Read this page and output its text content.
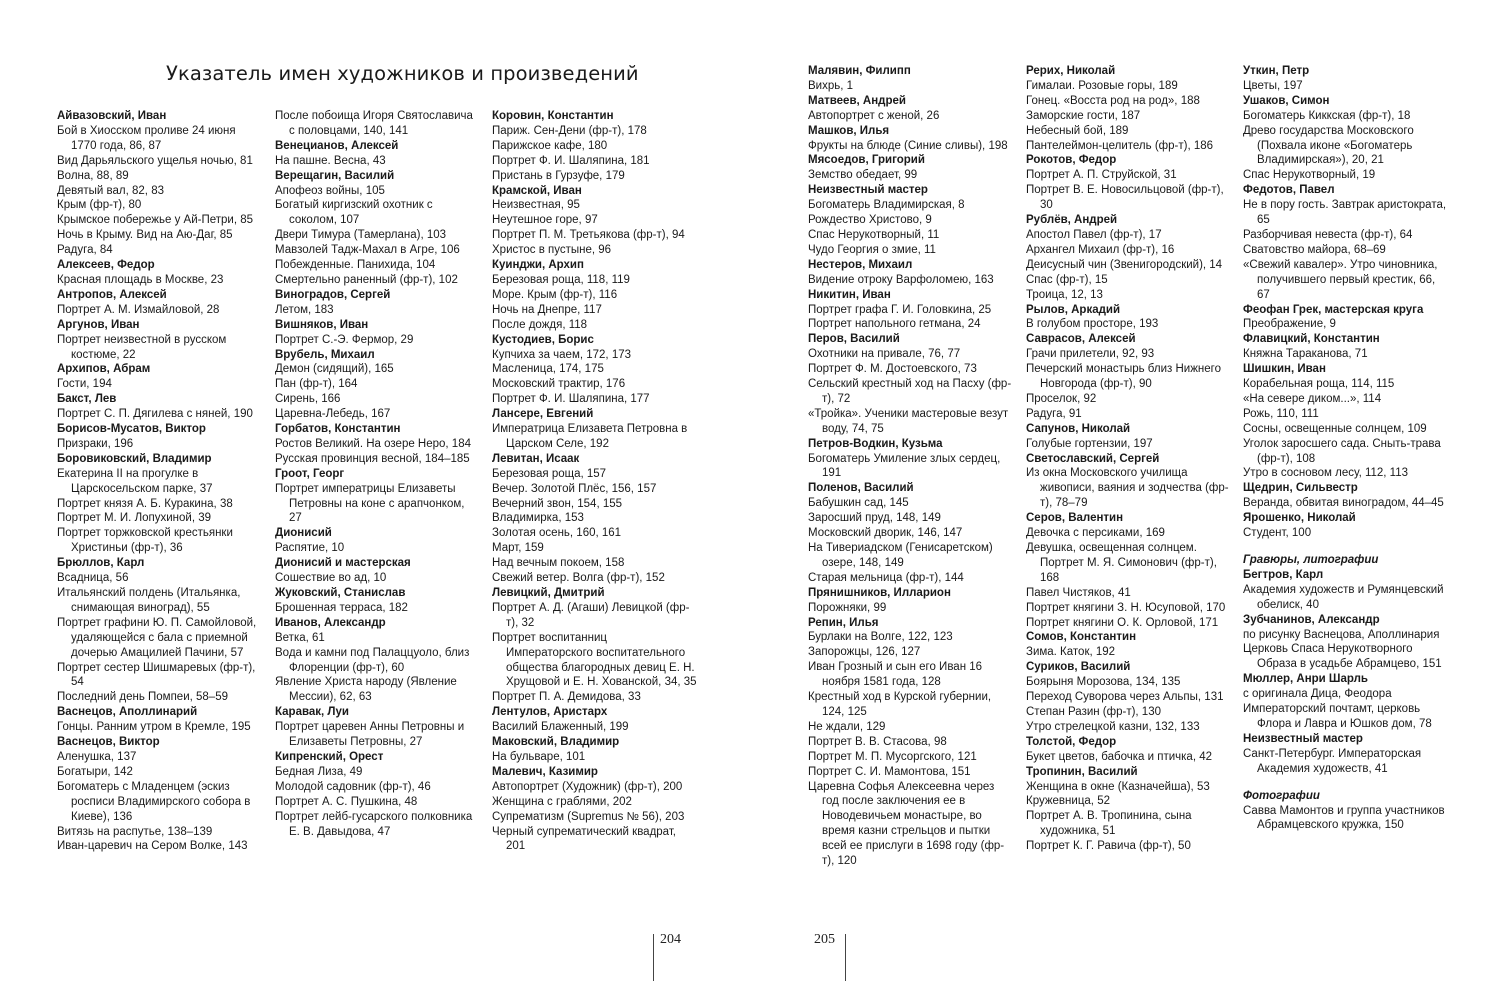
Указатель имен художников и произведений
Айвазовский, Иван
Бой в Хиосском проливе 24 июня 1770 года, 86, 87
Вид Дарьяльского ущелья ночью, 81
Волна, 88, 89
Девятый вал, 82, 83
Крым (фр-т), 80
Крымское побережье у Ай-Петри, 85
Ночь в Крыму. Вид на Аю-Даг, 85
Радуга, 84
Алексеев, Федор
Красная площадь в Москве, 23
Антропов, Алексей
Портрет А. М. Измайловой, 28
Аргунов, Иван
Портрет неизвестной в русском костюме, 22
Архипов, Абрам
Гости, 194
Бакст, Лев
Портрет С. П. Дягилева с няней, 190
Борисов-Мусатов, Виктор
Призраки, 196
Боровиковский, Владимир
Екатерина II на прогулке в Царскосельском парке, 37
Портрет князя А. Б. Куракина, 38
Портрет М. И. Лопухиной, 39
Портрет торжковской крестьянки Христиньи (фр-т), 36
Брюллов, Карл
Всадница, 56
Итальянский полдень (Итальянка, снимающая виноград), 55
Портрет графини Ю. П. Самойловой, удаляющейся с бала с приемной дочерью Амацилией Пачини, 57
Портрет сестер Шишмаревых (фр-т), 54
Последний день Помпеи, 58–59
Васнецов, Аполлинарий
Гонцы. Ранним утром в Кремле, 195
Васнецов, Виктор
Аленушка, 137
Богатыри, 142
Богоматерь с Младенцем (эскиз росписи Владимирского собора в Киеве), 136
Витязь на распутье, 138–139
Иван-царевич на Сером Волке, 143
После побоища Игоря Святославича с половцами, 140, 141
Венецианов, Алексей
На пашне. Весна, 43
Верещагин, Василий
Апофеоз войны, 105
Богатый киргизский охотник с соколом, 107
Двери Тимура (Тамерлана), 103
Мавзолей Тадж-Махал в Агре, 106
Побежденные. Панихида, 104
Смертельно раненный (фр-т), 102
Виноградов, Сергей
Летом, 183
Вишняков, Иван
Портрет С.-Э. Фермор, 29
Врубель, Михаил
Демон (сидящий), 165
Пан (фр-т), 164
Сирень, 166
Царевна-Лебедь, 167
Горбатов, Константин
Ростов Великий. На озере Неро, 184
Русская провинция весной, 184–185
Гроот, Георг
Портрет императрицы Елизаветы Петровны на коне с арапчонком, 27
Дионисий
Распятие, 10
Дионисий и мастерская
Сошествие во ад, 10
Жуковский, Станислав
Брошенная терраса, 182
Иванов, Александр
Ветка, 61
Вода и камни под Палаццуоло, близ Флоренции (фр-т), 60
Явление Христа народу (Явление Мессии), 62, 63
Каравак, Луи
Портрет царевен Анны Петровны и Елизаветы Петровны, 27
Кипренский, Орест
Бедная Лиза, 49
Молодой садовник (фр-т), 46
Портрет А. С. Пушкина, 48
Портрет лейб-гусарского полковника Е. В. Давыдова, 47
Коровин, Константин
Париж. Сен-Дени (фр-т), 178
Парижское кафе, 180
Портрет Ф. И. Шаляпина, 181
Пристань в Гурзуфе, 179
Крамской, Иван
Неизвестная, 95
Неутешное горе, 97
Портрет П. М. Третьякова (фр-т), 94
Христос в пустыне, 96
Куинджи, Архип
Березовая роща, 118, 119
Море. Крым (фр-т), 116
Ночь на Днепре, 117
После дождя, 118
Кустодиев, Борис
Купчиха за чаем, 172, 173
Масленица, 174, 175
Московский трактир, 176
Портрет Ф. И. Шаляпина, 177
Лансере, Евгений
Императрица Елизавета Петровна в Царском Селе, 192
Левитан, Исаак
Березовая роща, 157
Вечер. Золотой Плёс, 156, 157
Вечерний звон, 154, 155
Владимирка, 153
Золотая осень, 160, 161
Март, 159
Над вечным покоем, 158
Свежий ветер. Волга (фр-т), 152
Левицкий, Дмитрий
Портрет А. Д. (Агаши) Левицкой (фр-т), 32
Портрет воспитанниц Императорского воспитательного общества благородных девиц Е. Н. Хрущовой и Е. Н. Хованской, 34, 35
Портрет П. А. Демидова, 33
Лентулов, Аристарх
Василий Блаженный, 199
Маковский, Владимир
На бульваре, 101
Малевич, Казимир
Автопортрет (Художник) (фр-т), 200
Женщина с граблями, 202
Супрематизм (Supremus № 56), 203
Черный супрематический квадрат, 201
Малявин, Филипп
Вихрь, 1
Матвеев, Андрей
Автопортрет с женой, 26
Машков, Илья
Фрукты на блюде (Синие сливы), 198
Мясоедов, Григорий
Земство обедает, 99
Неизвестный мастер
Богоматерь Владимирская, 8
Рождество Христово, 9
Спас Нерукотворный, 11
Чудо Георгия о змие, 11
Нестеров, Михаил
Видение отроку Варфоломею, 163
Никитин, Иван
Портрет графа Г. И. Головкина, 25
Портрет напольного гетмана, 24
Перов, Василий
Охотники на привале, 76, 77
Портрет Ф. М. Достоевского, 73
Сельский крестный ход на Пасху (фр-т), 72
«Тройка». Ученики мастеровые везут воду, 74, 75
Петров-Водкин, Кузьма
Богоматерь Умиление злых сердец, 191
Поленов, Василий
Бабушкин сад, 145
Заросший пруд, 148, 149
Московский дворик, 146, 147
На Тивериадском (Генисаретском) озере, 148, 149
Старая мельница (фр-т), 144
Прянишников, Илларион
Порожняки, 99
Репин, Илья
Бурлаки на Волге, 122, 123
Запорожцы, 126, 127
Иван Грозный и сын его Иван 16 ноября 1581 года, 128
Крестный ход в Курской губернии, 124, 125
Не ждали, 129
Портрет В. В. Стасова, 98
Портрет М. П. Мусоргского, 121
Портрет С. И. Мамонтова, 151
Царевна Софья Алексеевна через год после заключения ее в Новодевичьем монастыре, во время казни стрельцов и пытки всей ее прислуги в 1698 году (фр-т), 120
Рерих, Николай
Гималаи. Розовые горы, 189
Гонец. «Восста род на род», 188
Заморские гости, 187
Небесный бой, 189
Пантелеймон-целитель (фр-т), 186
Рокотов, Федор
Портрет А. П. Струйской, 31
Портрет В. Е. Новосильцовой (фр-т), 30
Рублёв, Андрей
Апостол Павел (фр-т), 17
Архангел Михаил (фр-т), 16
Деисусный чин (Звенигородский), 14
Спас (фр-т), 15
Троица, 12, 13
Рылов, Аркадий
В голубом просторе, 193
Саврасов, Алексей
Грачи прилетели, 92, 93
Печерский монастырь близ Нижнего Новгорода (фр-т), 90
Проселок, 92
Радуга, 91
Сапунов, Николай
Голубые гортензии, 197
Светославский, Сергей
Из окна Московского училища живописи, ваяния и зодчества (фр-т), 78–79
Серов, Валентин
Девочка с персиками, 169
Девушка, освещенная солнцем. Портрет М. Я. Симонович (фр-т), 168
Павел Чистяков, 41
Портрет княгини З. Н. Юсуповой, 170
Портрет княгини О. К. Орловой, 171
Сомов, Константин
Зима. Каток, 192
Суриков, Василий
Боярыня Морозова, 134, 135
Переход Суворова через Альпы, 131
Степан Разин (фр-т), 130
Утро стрелецкой казни, 132, 133
Толстой, Федор
Букет цветов, бабочка и птичка, 42
Тропинин, Василий
Женщина в окне (Казначейша), 53
Кружевница, 52
Портрет А. В. Тропинина, сына художника, 51
Портрет К. Г. Равича (фр-т), 50
Уткин, Петр
Цветы, 197
Ушаков, Симон
Богоматерь Киккская (фр-т), 18
Древо государства Московского (Похвала иконе «Богоматерь Владимирская»), 20, 21
Спас Нерукотворный, 19
Федотов, Павел
Не в пору гость. Завтрак аристократа, 65
Разборчивая невеста (фр-т), 64
Сватовство майора, 68–69
«Свежий кавалер». Утро чиновника, получившего первый крестик, 66, 67
Феофан Грек, мастерская круга
Преображение, 9
Флавицкий, Константин
Княжна Тараканова, 71
Шишкин, Иван
Корабельная роща, 114, 115
«На севере диком...», 114
Рожь, 110, 111
Сосны, освещенные солнцем, 109
Уголок заросшего сада. Сныть-трава (фр-т), 108
Утро в сосновом лесу, 112, 113
Щедрин, Сильвестр
Веранда, обвитая виноградом, 44–45
Ярошенко, Николай
Студент, 100
Гравюры, литографии
Бегтров, Карл
Академия художеств и Румянцевский обелиск, 40
Зубчанинов, Александр
по рисунку Васнецова, Аполлинария
Церковь Спаса Нерукотворного Образа в усадьбе Абрамцево, 151
Мюллер, Анри Шарль
с оригинала Дица, Феодора
Императорский почтамт, церковь Флора и Лавра и Юшков дом, 78
Неизвестный мастер
Санкт-Петербург. Императорская Академия художеств, 41
Фотографии
Савва Мамонтов и группа участников Абрамцевского кружка, 150
204	205
